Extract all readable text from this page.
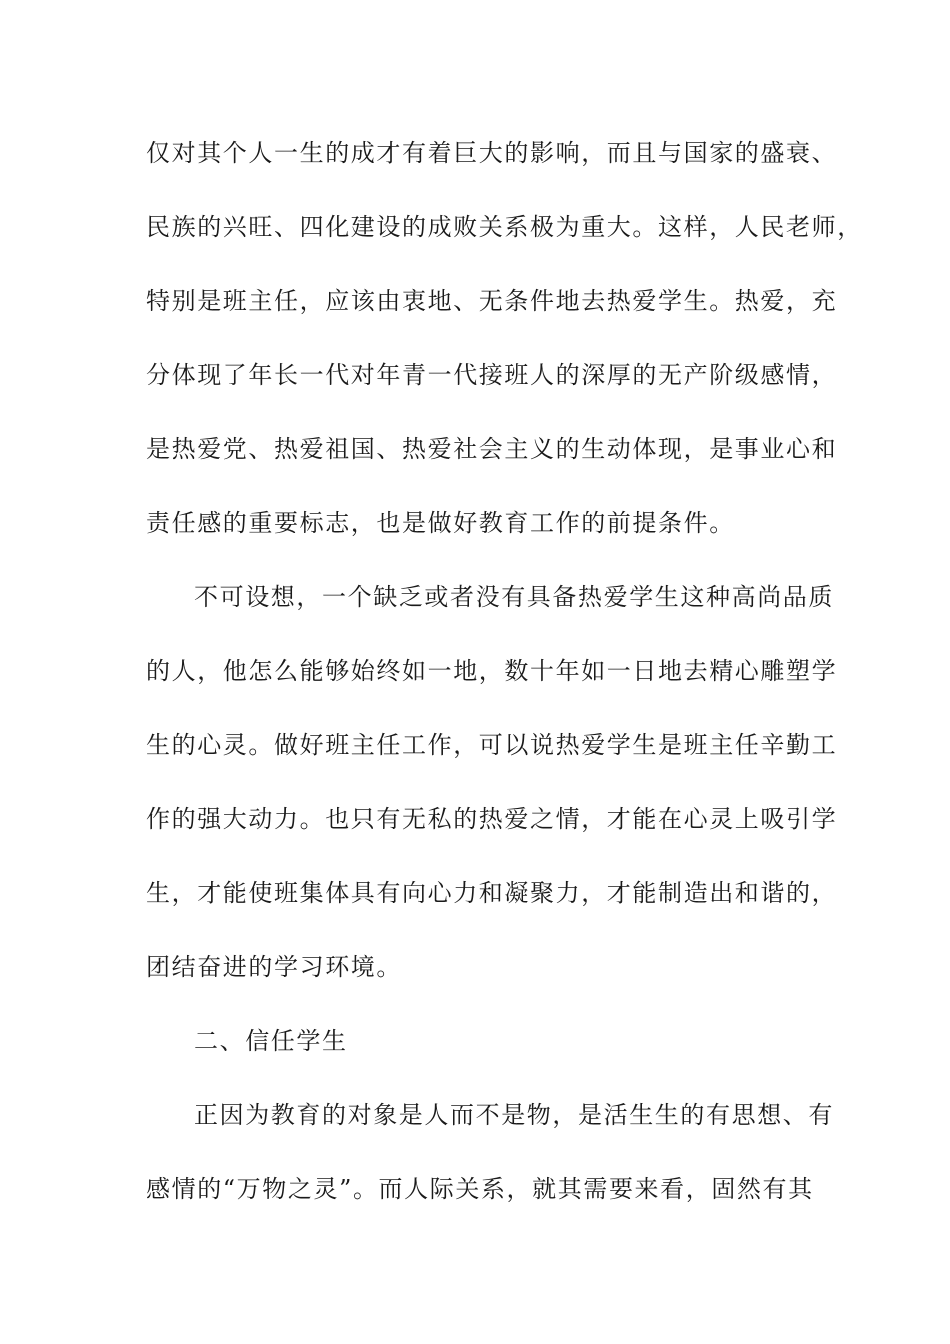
仅对其个人一生的成才有着巨大的影响，而且与国家的盛衰、
民族的兴旺、四化建设的成败关系极为重大。这样，人民老师，
特别是班主任，应该由衷地、无条件地去热爱学生。热爱，充
分体现了年长一代对年青一代接班人的深厚的无产阶级感情，
是热爱党、热爱祖国、热爱社会主义的生动体现，是事业心和
责任感的重要标志，也是做好教育工作的前提条件。
不可设想，一个缺乏或者没有具备热爱学生这种高尚品质
的人，他怎么能够始终如一地，数十年如一日地去精心雕塑学
生的心灵。做好班主任工作，可以说热爱学生是班主任辛勤工
作的强大动力。也只有无私的热爱之情，才能在心灵上吸引学
生，才能使班集体具有向心力和凝聚力，才能制造出和谐的，
团结奋进的学习环境。
二、信任学生
正因为教育的对象是人而不是物，是活生生的有思想、有
感情的“万物之灵”。而人际关系，就其需要来看，固然有其
